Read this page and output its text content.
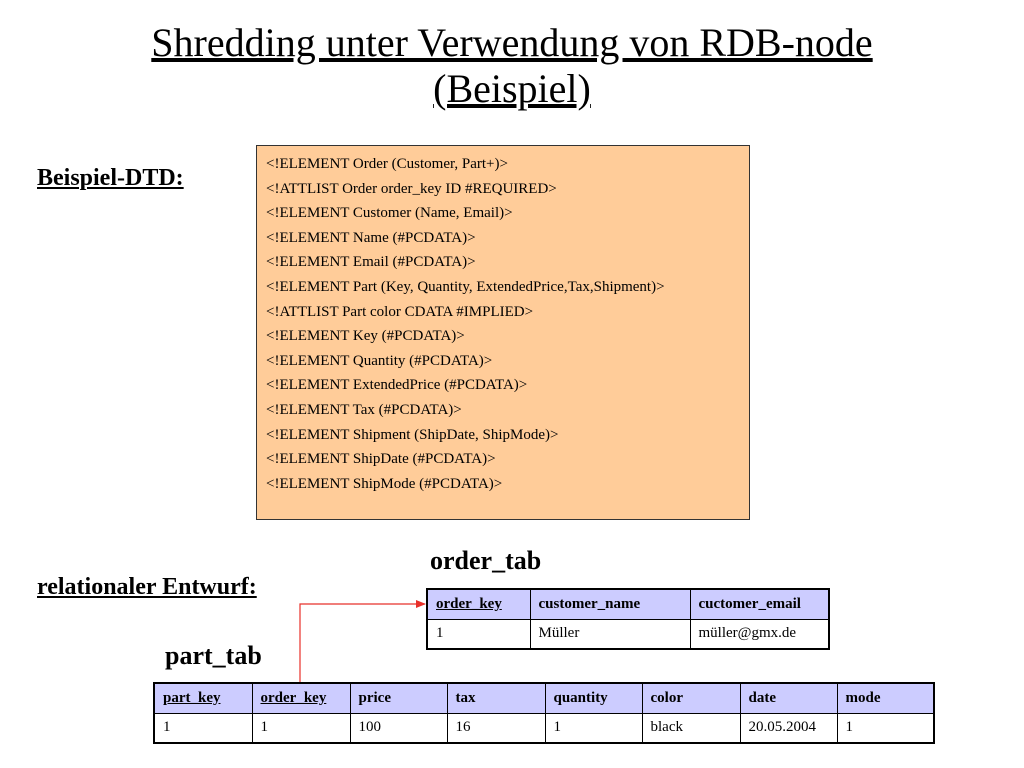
Shredding unter Verwendung von RDB-node
(Beispiel)
Beispiel-DTD:
<!ELEMENT Order (Customer, Part+)>
<!ATTLIST Order order_key ID #REQUIRED>
<!ELEMENT Customer (Name, Email)>
<!ELEMENT Name (#PCDATA)>
<!ELEMENT Email (#PCDATA)>
<!ELEMENT Part (Key, Quantity, ExtendedPrice,Tax,Shipment)>
<!ATTLIST Part color CDATA #IMPLIED>
<!ELEMENT Key (#PCDATA)>
<!ELEMENT Quantity (#PCDATA)>
<!ELEMENT ExtendedPrice (#PCDATA)>
<!ELEMENT Tax (#PCDATA)>
<!ELEMENT Shipment (ShipDate, ShipMode)>
<!ELEMENT ShipDate (#PCDATA)>
<!ELEMENT ShipMode (#PCDATA)>
order_tab
relationaler Entwurf:
order_key	customer_name	cuctomer_email
1	Müller	müller@gmx.de
part_tab
part_key	order_key	price	tax	quantity	color	date	mode
1	1	100	16	1	black	20.05.2004	1
